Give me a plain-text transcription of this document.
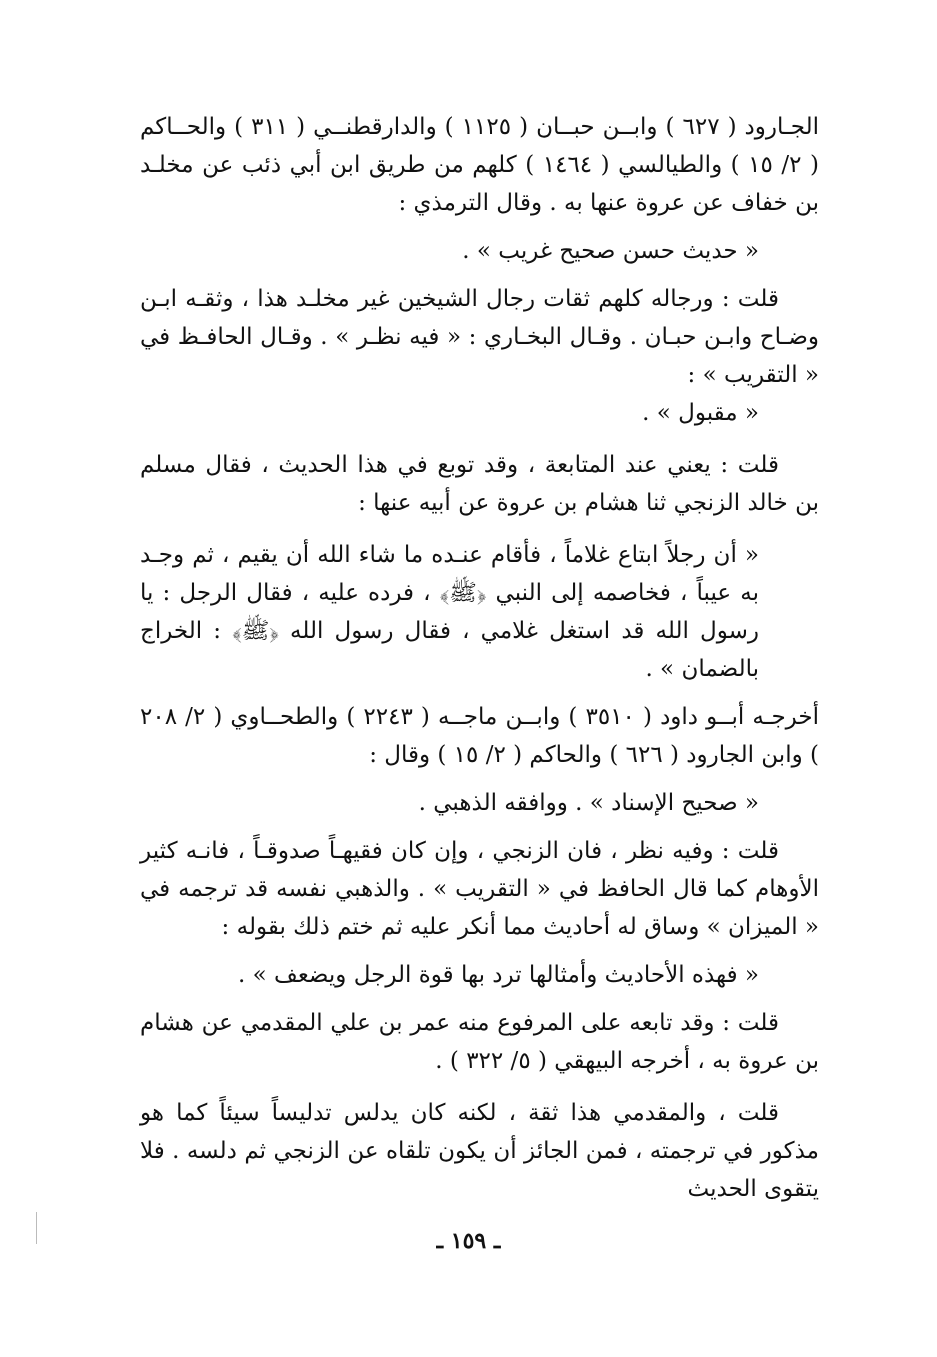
الجـارود ( ٦٢٧ ) وابــن حبــان ( ١١٢٥ ) والدارقطنــي ( ٣١١ ) والحــاكم ( ٢/ ١٥ ) والطيالسي ( ١٤٦٤ ) كلهم من طريق ابن أبي ذئب عن مخلـد بن خفاف عن عروة عنها به . وقال الترمذي :

« حديث حسن صحيح غريب » .

قلت : ورجاله كلهم ثقات رجال الشيخين غير مخلـد هذا ، وثقـه ابـن وضـاح وابـن حبـان . وقـال البخـاري : « فيه نظـر » . وقـال الحافـظ في « التقريب » :

« مقبول » .

قلت : يعني عند المتابعة ، وقد توبع في هذا الحديث ، فقال مسلم بن خالد الزنجي ثنا هشام بن عروة عن أبيه عنها :

« أن رجلاً ابتاع غلاماً ، فأقام عنـده ما شاء الله أن يقيم ، ثم وجـد به عيباً ، فخاصمه إلى النبي ﴿ﷺ﴾ ، فرده عليه ، فقال الرجل : يا رسول الله قد استغل غلامي ، فقال رسول الله ﴿ﷺ﴾ : الخراج بالضمان » .

أخرجـه أبــو داود ( ٣٥١٠ ) وابــن ماجــه ( ٢٢٤٣ ) والطحــاوي ( ٢/ ٢٠٨ ) وابن الجارود ( ٦٢٦ ) والحاكم ( ٢/ ١٥ ) وقال :

« صحيح الإسناد » . ووافقه الذهبي .

قلت : وفيه نظر ، فان الزنجي ، وإن كان فقيهـاً صدوقـاً ، فانـه كثير الأوهام كما قال الحافظ في « التقريب » . والذهبي نفسه قد ترجمه في « الميزان » وساق له أحاديث مما أنكر عليه ثم ختم ذلك بقوله :

« فهذه الأحاديث وأمثالها ترد بها قوة الرجل ويضعف » .

قلت : وقد تابعه على المرفوع منه عمر بن علي المقدمي عن هشام بن عروة به ، أخرجه البيهقي ( ٥/ ٣٢٢ ) .

قلت ، والمقدمي هذا ثقة ، لكنه كان يدلس تدليساً سيئاً كما هو مذكور في ترجمته ، فمن الجائز أن يكون تلقاه عن الزنجي ثم دلسه . فلا يتقوى الحديث

ـ ١٥٩ ـ
